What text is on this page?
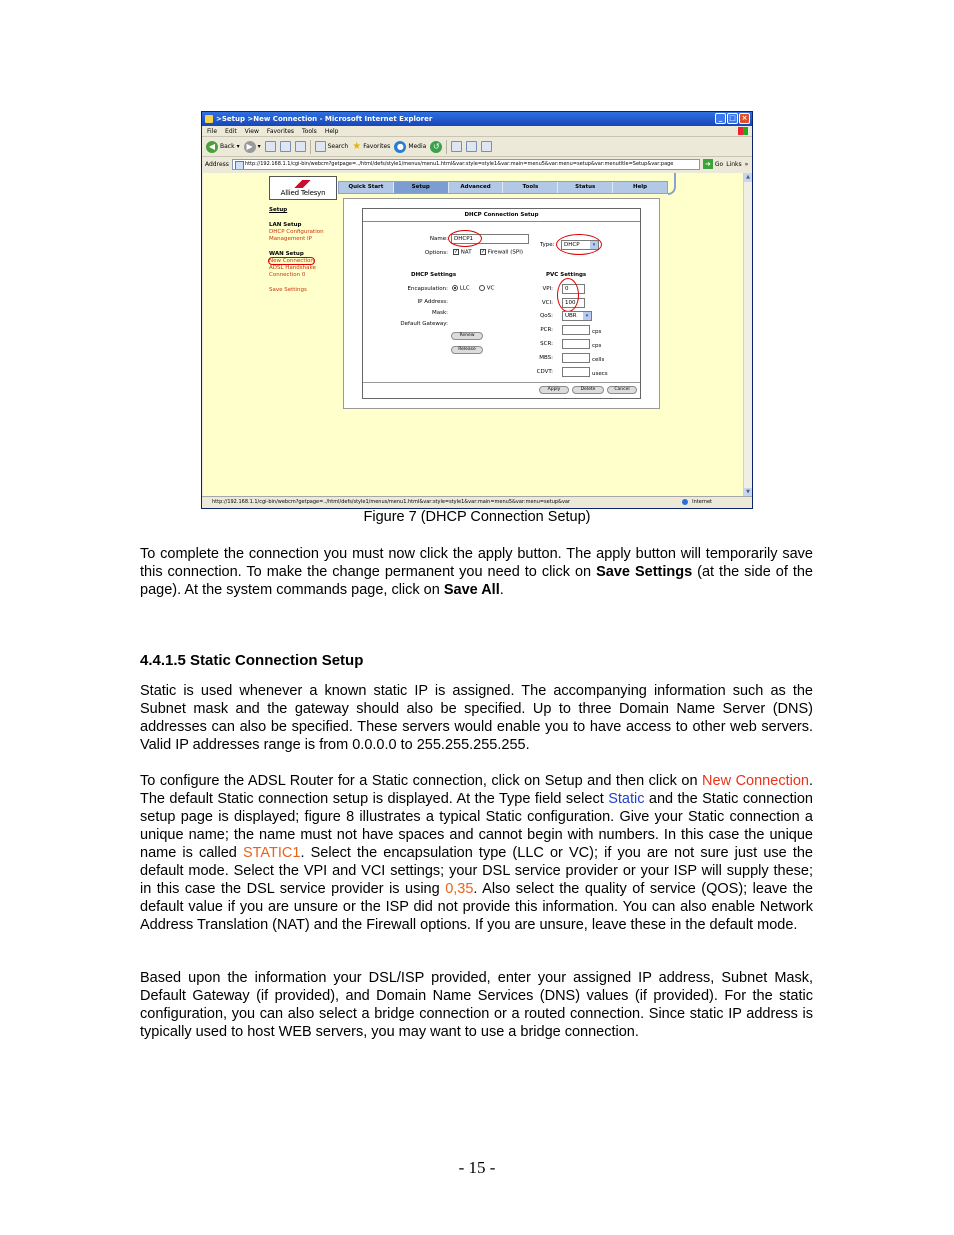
>Setup >New Connection - Microsoft Internet Explorer	_ □ ×
File Edit View Favorites Tools Help
◀ Back ▾ ▶ ▾	Search ★ Favorites ● Media ↺
Address	http://192.168.1.1/cgi-bin/webcm?getpage=../html/defs/style1/menus/menu1.html&var:style=style1&var:main=menu5&var:menu=setup&var:menutitle=Setup&var:page	➜ Go Links »
Allied Telesyn
Quick Start	Setup	Advanced	Tools	Status	Help
Setup
LAN Setup
DHCP Configuration
Management IP
WAN Setup
New Connection
ADSL Handshake
Connection 0
Save Settings
DHCP Connection Setup
Name:	DHCP1
Type:	DHCP	▾
Options: ✓ NAT ✓ Firewall (SPI)
DHCP Settings	PVC Settings
Encapsulation:	LLC	VC
IP Address:
Mask:
Default Gateway:
Renew
Release
VPI:	0
VCI:	100
QoS:	UBR	▾
PCR:	cps
SCR:	cps
MBS:	cells
CDVT:	usecs
Apply	Delete	Cancel
▲
▼
http://192.168.1.1/cgi-bin/webcm?getpage=../html/defs/style1/menus/menu1.html&var:style=style1&var:main=menu5&var:menu=setup&var	Internet
Figure 7 (DHCP Connection Setup)

To complete the connection you must now click the apply button. The apply button will temporarily save this connection. To make the change permanent you need to click on Save Settings (at the side of the page). At the system commands page, click on Save All.

4.4.1.5 Static Connection Setup

Static is used whenever a known static IP is assigned. The accompanying information such as the Subnet mask and the gateway should also be specified. Up to three Domain Name Server (DNS) addresses can also be specified. These servers would enable you to have access to other web servers. Valid IP addresses range is from 0.0.0.0 to 255.255.255.255.

To configure the ADSL Router for a Static connection, click on Setup and then click on New Connection. The default Static connection setup is displayed. At the Type field select Static and the Static connection setup page is displayed; figure 8 illustrates a typical Static configuration. Give your Static connection a unique name; the name must not have spaces and cannot begin with numbers. In this case the unique name is called STATIC1. Select the encapsulation type (LLC or VC); if you are not sure just use the default mode. Select the VPI and VCI settings; your DSL service provider or your ISP will supply these; in this case the DSL service provider is using 0,35. Also select the quality of service (QOS); leave the default value if you are unsure or the ISP did not provide this information. You can also enable Network Address Translation (NAT) and the Firewall options. If you are unsure, leave these in the default mode.

Based upon the information your DSL/ISP provided, enter your assigned IP address, Subnet Mask, Default Gateway (if provided), and Domain Name Services (DNS) values (if provided). For the static configuration, you can also select a bridge connection or a routed connection. Since static IP address is typically used to host WEB servers, you may want to use a bridge connection.

- 15 -
